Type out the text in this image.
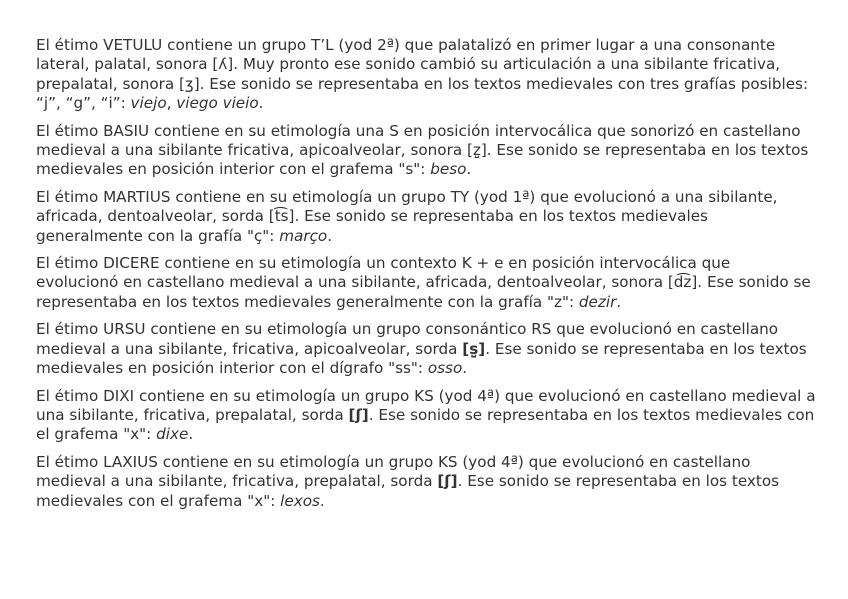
El étimo VETULU contiene un grupo T’L (yod 2ª) que palatalizó en primer lugar a una consonante lateral, palatal, sonora [ʎ]. Muy pronto ese sonido cambió su articulación a una sibilante fricativa, prepalatal, sonora [ʒ]. Ese sonido se representaba en los textos medievales con tres grafías posibles: “j”, “g”, “i”: viejo, viego vieio.

El étimo BASIU contiene en su etimología una S en posición intervocálica que sonorizó en castellano medieval a una sibilante fricativa, apicoalveolar, sonora [z̺]. Ese sonido se representaba en los textos medievales en posición interior con el grafema "s": beso.

El étimo MARTIUS contiene en su etimología un grupo TY (yod 1ª) que evolucionó a una sibilante, africada, dentoalveolar, sorda [t͡s]. Ese sonido se representaba en los textos medievales generalmente con la grafía "ç": março.

El étimo DICERE contiene en su etimología un contexto K + e en posición intervocálica que evolucionó en castellano medieval a una sibilante, africada, dentoalveolar, sonora [d͡z]. Ese sonido se representaba en los textos medievales generalmente con la grafía "z": dezir.

El étimo URSU contiene en su etimología un grupo consonántico RS que evolucionó en castellano medieval a una sibilante, fricativa, apicoalveolar, sorda [s̺]. Ese sonido se representaba en los textos medievales en posición interior con el dígrafo "ss": osso.

El étimo DIXI contiene en su etimología un grupo KS (yod 4ª) que evolucionó en castellano medieval a una sibilante, fricativa, prepalatal, sorda [ʃ]. Ese sonido se representaba en los textos medievales con el grafema "x": dixe.

El étimo LAXIUS contiene en su etimología un grupo KS (yod 4ª) que evolucionó en castellano medieval a una sibilante, fricativa, prepalatal, sorda [ʃ]. Ese sonido se representaba en los textos medievales con el grafema "x": lexos.
